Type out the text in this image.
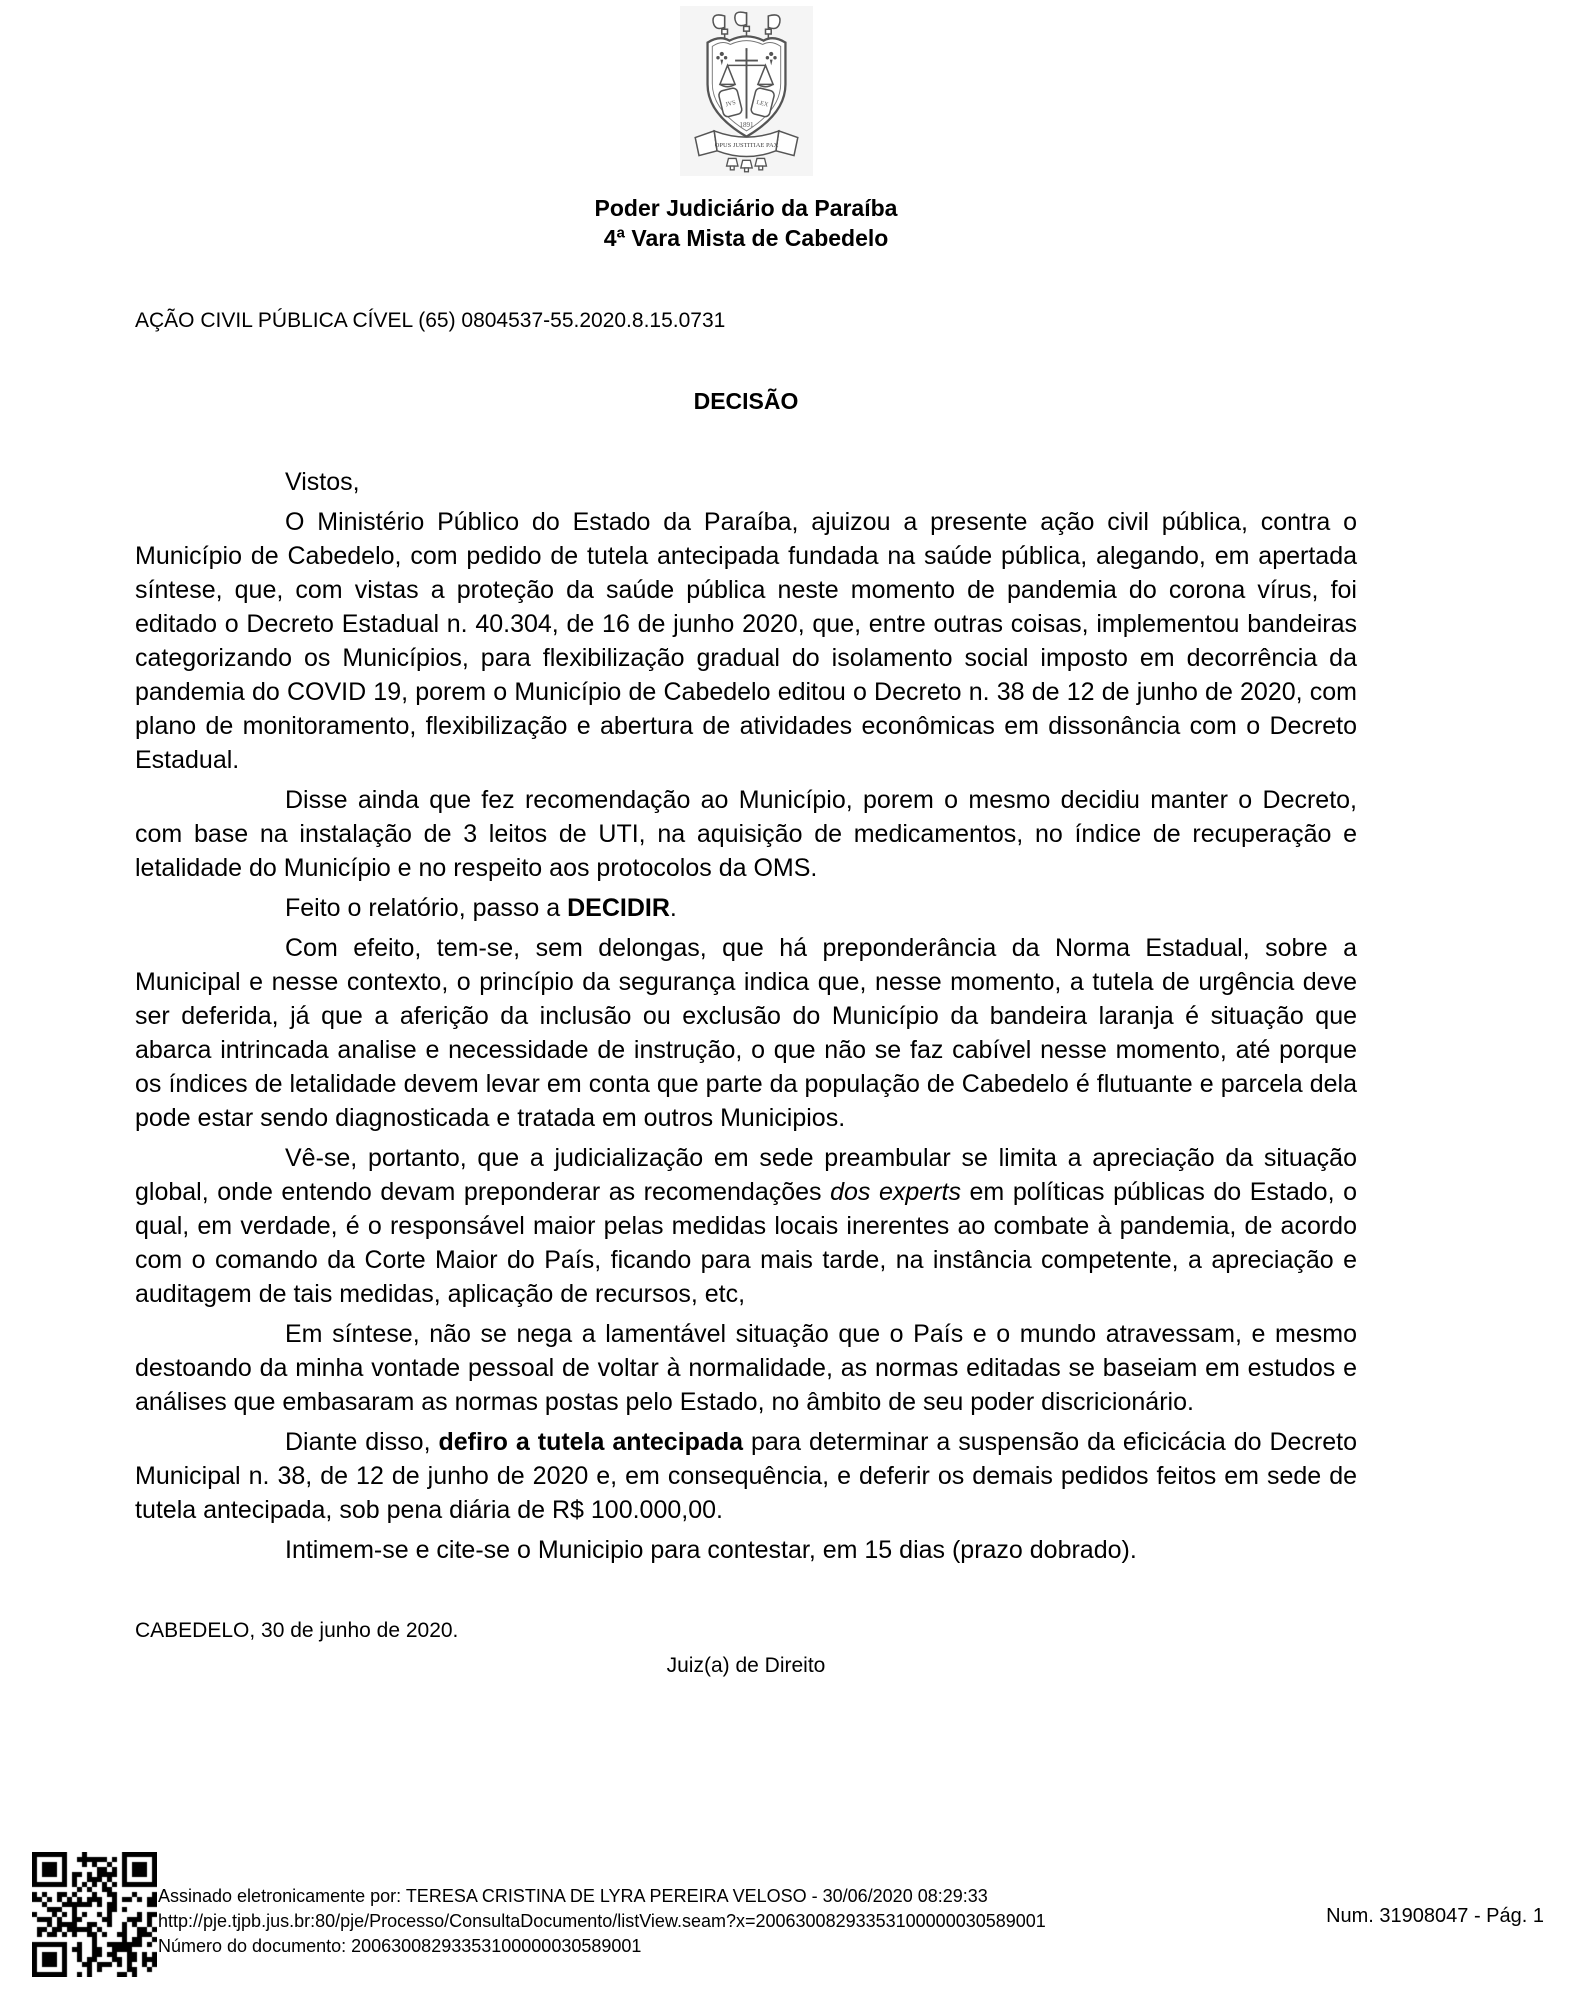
JVS	LEX
1891
OPUS JUSTITIAE PAX
Poder Judiciário da Paraíba
4ª Vara Mista de Cabedelo
AÇÃO CIVIL PÚBLICA CÍVEL (65) 0804537-55.2020.8.15.0731
DECISÃO

Vistos,

O Ministério Público do Estado da Paraíba, ajuizou a presente ação civil pública, contra o Município de Cabedelo, com pedido de tutela antecipada fundada na saúde pública, alegando, em apertada síntese, que, com vistas a proteção da saúde pública neste momento de pandemia do corona vírus, foi editado o Decreto Estadual n. 40.304, de 16 de junho 2020, que, entre outras coisas, implementou bandeiras categorizando os Municípios, para flexibilização gradual do isolamento social imposto em decorrência da pandemia do COVID 19, porem o Município de Cabedelo editou o Decreto n. 38 de 12 de junho de 2020, com plano de monitoramento, flexibilização e abertura de atividades econômicas em dissonância com o Decreto Estadual.

Disse ainda que fez recomendação ao Município, porem o mesmo decidiu manter o Decreto, com base na instalação de 3 leitos de UTI, na aquisição de medicamentos, no índice de recuperação e letalidade do Município e no respeito aos protocolos da OMS.

Feito o relatório, passo a DECIDIR.

Com efeito, tem-se, sem delongas, que há preponderância da Norma Estadual, sobre a Municipal e nesse contexto, o princípio da segurança indica que, nesse momento, a tutela de urgência deve ser deferida, já que a aferição da inclusão ou exclusão do Município da bandeira laranja é situação que abarca intrincada analise e necessidade de instrução, o que não se faz cabível nesse momento, até porque os índices de letalidade devem levar em conta que parte da população de Cabedelo é flutuante e parcela dela pode estar sendo diagnosticada e tratada em outros Municipios.

Vê-se, portanto, que a judicialização em sede preambular se limita a apreciação da situação global, onde entendo devam preponderar as recomendações dos experts em políticas públicas do Estado, o qual, em verdade, é o responsável maior pelas medidas locais inerentes ao combate à pandemia, de acordo com o comando da Corte Maior do País, ficando para mais tarde, na instância competente, a apreciação e auditagem de tais medidas, aplicação de recursos, etc,

Em síntese, não se nega a lamentável situação que o País e o mundo atravessam, e mesmo destoando da minha vontade pessoal de voltar à normalidade, as normas editadas se baseiam em estudos e análises que embasaram as normas postas pelo Estado, no âmbito de seu poder discricionário.

Diante disso, defiro a tutela antecipada para determinar a suspensão da eficicácia do Decreto Municipal n. 38, de 12 de junho de 2020 e, em consequência, e deferir os demais pedidos feitos em sede de tutela antecipada, sob pena diária de R$ 100.000,00.

Intimem-se e cite-se o Municipio para contestar, em 15 dias (prazo dobrado).

CABEDELO, 30 de junho de 2020.
Juiz(a) de Direito
Assinado eletronicamente por: TERESA CRISTINA DE LYRA PEREIRA VELOSO - 30/06/2020 08:29:33
http://pje.tjpb.jus.br:80/pje/Processo/ConsultaDocumento/listView.seam?x=20063008293353100000030589001
Número do documento: 20063008293353100000030589001
Num. 31908047 - Pág. 1
